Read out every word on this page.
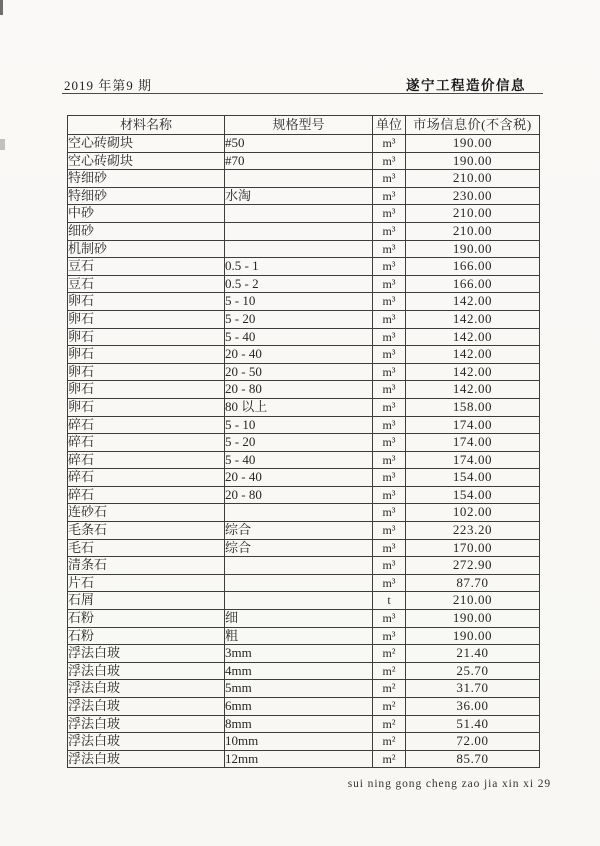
2019 年第9 期	遂宁工程造价信息
材料名称	规格型号	单位	市场信息价(不含税)
空心砖砌块	#50	m³	190.00
空心砖砌块	#70	m³	190.00
特细砂		m³	210.00
特细砂	水淘	m³	230.00
中砂		m³	210.00
细砂		m³	210.00
机制砂		m³	190.00
豆石	0.5 - 1	m³	166.00
豆石	0.5 - 2	m³	166.00
卵石	5 - 10	m³	142.00
卵石	5 - 20	m³	142.00
卵石	5 - 40	m³	142.00
卵石	20 - 40	m³	142.00
卵石	20 - 50	m³	142.00
卵石	20 - 80	m³	142.00
卵石	80 以上	m³	158.00
碎石	5 - 10	m³	174.00
碎石	5 - 20	m³	174.00
碎石	5 - 40	m³	174.00
碎石	20 - 40	m³	154.00
碎石	20 - 80	m³	154.00
连砂石		m³	102.00
毛条石	综合	m³	223.20
毛石	综合	m³	170.00
清条石		m³	272.90
片石		m³	87.70
石屑		t	210.00
石粉	细	m³	190.00
石粉	粗	m³	190.00
浮法白玻	3mm	m²	21.40
浮法白玻	4mm	m²	25.70
浮法白玻	5mm	m²	31.70
浮法白玻	6mm	m²	36.00
浮法白玻	8mm	m²	51.40
浮法白玻	10mm	m²	72.00
浮法白玻	12mm	m²	85.70
sui ning gong cheng zao jia xin xi 29
